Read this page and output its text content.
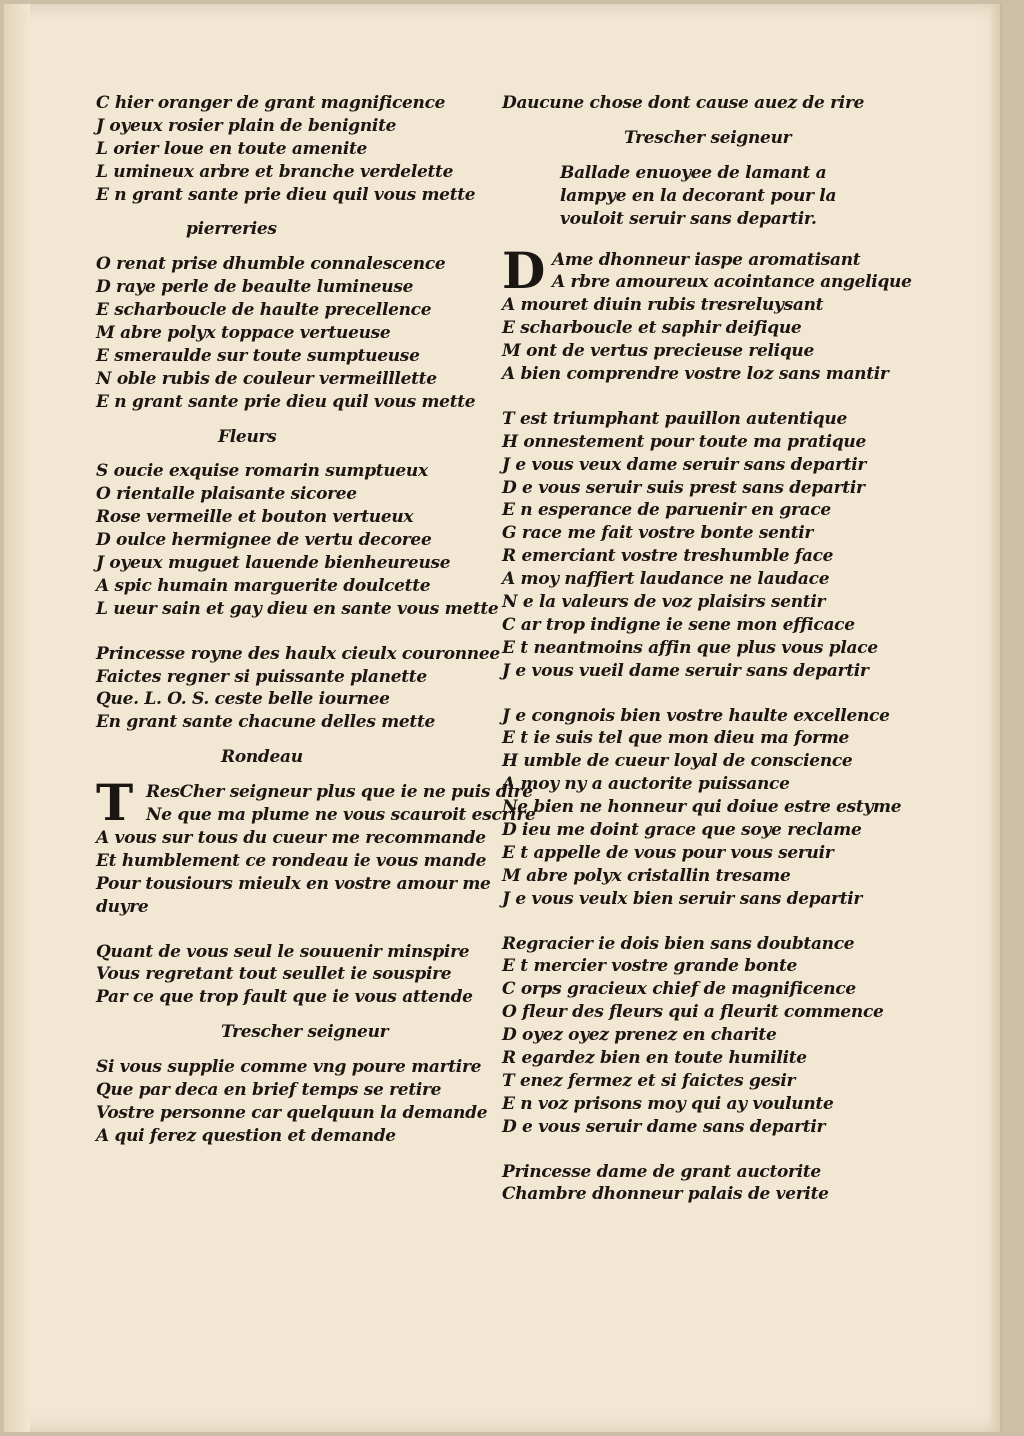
C hier oranger de grant magnificence
J oyeux rosier plain de benignite
L orier loue en toute amenite
L umineux arbre et branche verdelette
E n grant sante prie dieu quil vous mette
pierreries
O renat prise dhumble connalescence
D raye perle de beaulte lumineuse
E scharboucle de haulte precellence
M abre polyx toppace vertueuse
E smeraulde sur toute sumptueuse
N oble rubis de couleur vermeilllette
E n grant sante prie dieu quil vous mette
Fleurs
S oucie exquise romarin sumptueux
O rientalle plaisante sicoree
Rose vermeille et bouton vertueux
D oulce hermignee de vertu decoree
J oyeux muguet lauende bienheureuse
A spic humain marguerite doulcette
L ueur sain et gay dieu en sante vous mette
Princesse royne des haulx cieulx couronnee
Faictes regner si puissante planette
Que. L. O. S. ceste belle iournee
En grant sante chacune delles mette
Rondeau
T ResCher seigneur plus que ie ne puis dire
Ne que ma plume ne vous scauroit escrire
A vous sur tous du cueur me recommande
Et humblement ce rondeau ie vous mande
Pour tousiours mieulx en vostre amour me
duyre
Quant de vous seul le souuenir minspire
Vous regretant tout seullet ie souspire
Par ce que trop fault que ie vous attende
Trescher seigneur
Si vous supplie comme vng poure martire
Que par deca en brief temps se retire
Vostre personne car quelquun la demande
A qui ferez question et demande
Daucune chose dont cause auez de rire
Trescher seigneur
Ballade enuoyee de lamant a lampye en la decorant pour la vouloit seruir sans departir.
D Ame dhonneur iaspe aromatisant
A rbre amoureux acointance angelique
A mouret diuin rubis tresreluysant
E scharboucle et saphir deifique
M ont de vertus precieuse relique
A bien comprendre vostre loz sans mantir
T est triumphant pauillon autentique
H onnestement pour toute ma pratique
J e vous veux dame seruir sans departir
D e vous seruir suis prest sans departir
E n esperance de paruenir en grace
G race me fait vostre bonte sentir
R emerciant vostre treshumble face
A moy naffiert laudance ne laudace
N e la valeurs de voz plaisirs sentir
C ar trop indigne ie sene mon efficace
E t neantmoins affin que plus vous place
J e vous vueil dame seruir sans departir
J e congnois bien vostre haulte excellence
E t ie suis tel que mon dieu ma forme
H umble de cueur loyal de conscience
A moy ny a auctorite puissance
Ne bien ne honneur qui doiue estre estyme
D ieu me doint grace que soye reclame
E t appelle de vous pour vous seruir
M abre polyx cristallin tresame
J e vous veulx bien seruir sans departir
Regracier ie dois bien sans doubtance
E t mercier vostre grande bonte
C orps gracieux chief de magnificence
O fleur des fleurs qui a fleurit commence
D oyez oyez prenez en charite
R egardez bien en toute humilite
T enez fermez et si faictes gesir
E n voz prisons moy qui ay voulunte
D e vous seruir dame sans departir
Princesse dame de grant auctorite
Chambre dhonneur palais de verite
